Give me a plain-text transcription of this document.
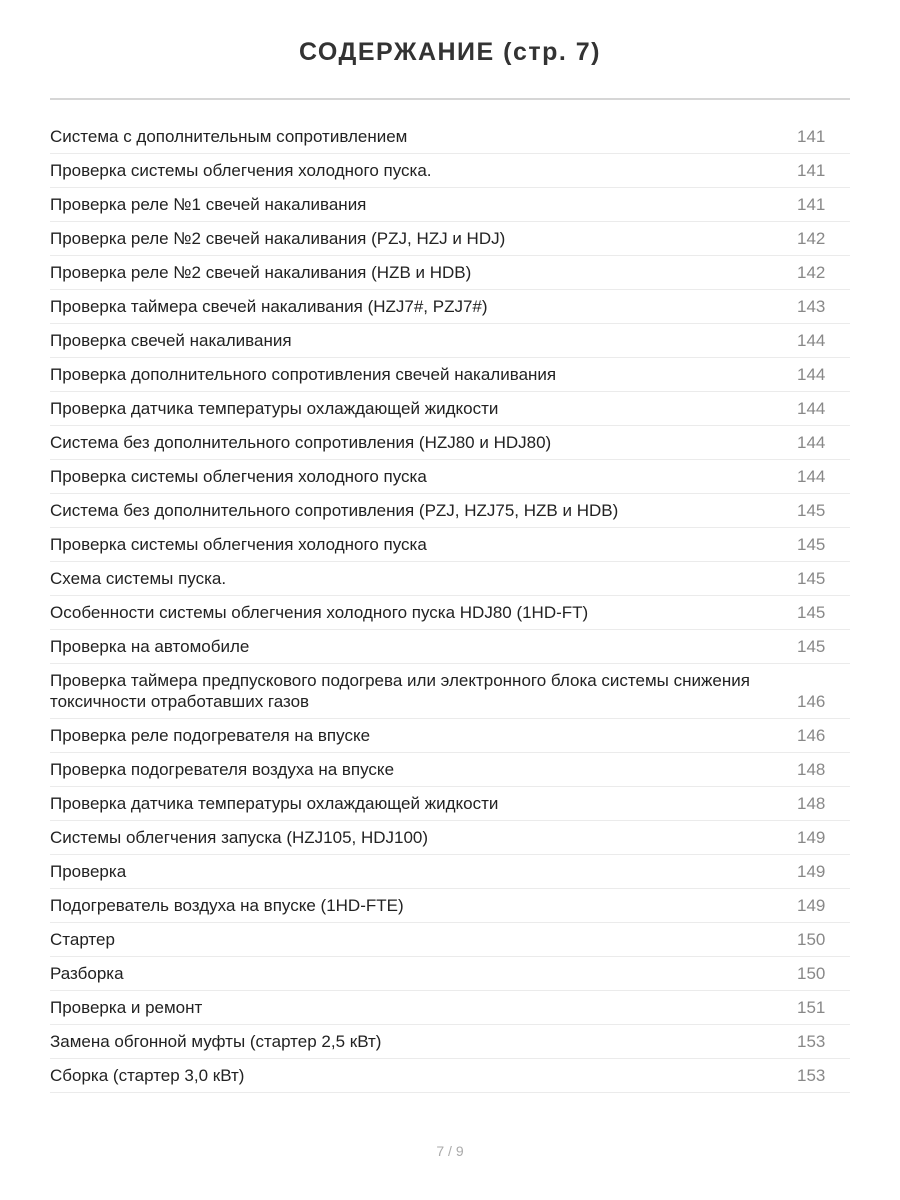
СОДЕРЖАНИЕ (стр. 7)
Система с дополнительным сопротивлением	141
Проверка системы облегчения холодного пуска.	141
Проверка реле №1 свечей накаливания	141
Проверка реле №2 свечей накаливания (PZJ, HZJ и HDJ)	142
Проверка реле №2 свечей накаливания (HZB и HDB)	142
Проверка таймера свечей накаливания (HZJ7#, PZJ7#)	143
Проверка свечей накаливания	144
Проверка дополнительного сопротивления свечей накаливания	144
Проверка датчика температуры охлаждающей жидкости	144
Система без дополнительного сопротивления (HZJ80 и HDJ80)	144
Проверка системы облегчения холодного пуска	144
Система без дополнительного сопротивления (PZJ, HZJ75, HZB и HDB)	145
Проверка системы облегчения холодного пуска	145
Схема системы пуска.	145
Особенности системы облегчения холодного пуска HDJ80 (1HD-FT)	145
Проверка на автомобиле	145
Проверка таймера предпускового подогрева или электронного блока системы снижения токсичности отработавших газов	146
Проверка реле подогревателя на впуске	146
Проверка подогревателя воздуха на впуске	148
Проверка датчика температуры охлаждающей жидкости	148
Системы облегчения запуска (HZJ105, HDJ100)	149
Проверка	149
Подогреватель воздуха на впуске (1HD-FTE)	149
Стартер	150
Разборка	150
Проверка и ремонт	151
Замена обгонной муфты (стартер 2,5 кВт)	153
Сборка (стартер 3,0 кВт)	153
7 / 9
